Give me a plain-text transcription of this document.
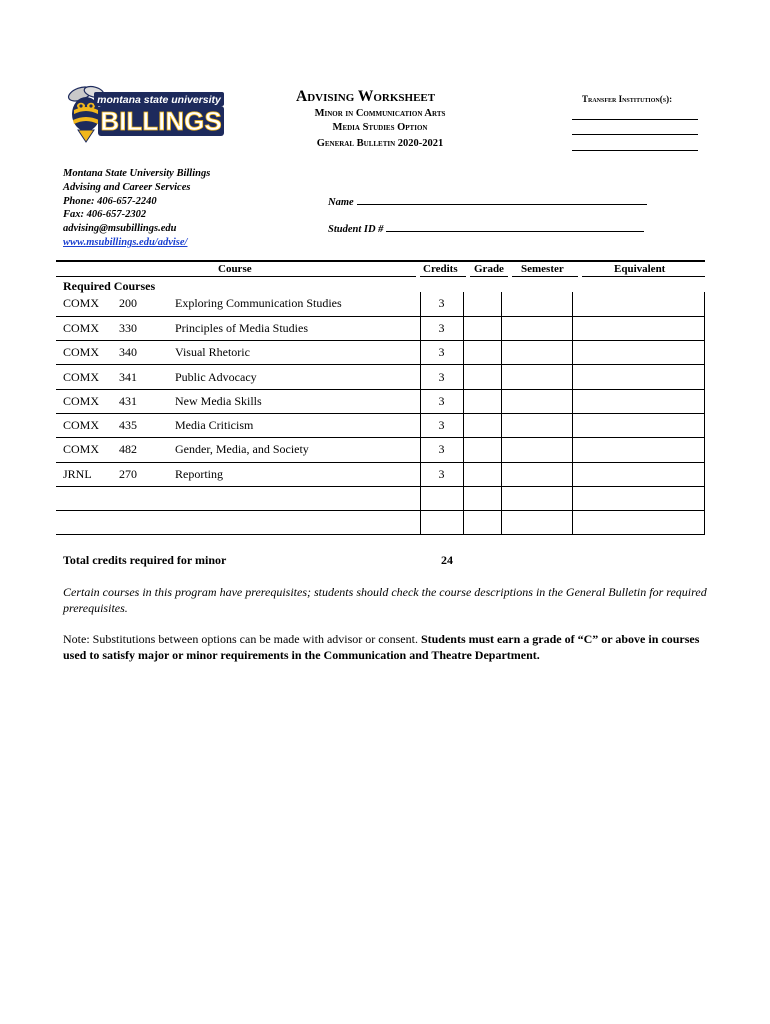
montana state university
BILLINGS
Advising Worksheet
Minor in Communication Arts
Media Studies Option
General Bulletin 2020-2021
Transfer Institution(s):
Montana State University Billings
Advising and Career Services
Phone: 406-657-2240
Fax: 406-657-2302
advising@msubillings.edu
www.msubillings.edu/advise/
Name
Student ID #
Course	Credits Grade Semester	Equivalent
Required Courses
COMX	200	Exploring Communication Studies	3			
COMX	330	Principles of Media Studies	3			
COMX	340	Visual Rhetoric	3			
COMX	341	Public Advocacy	3			
COMX	431	New Media Skills	3			
COMX	435	Media Criticism	3			
COMX	482	Gender, Media, and Society	3			
JRNL	270	Reporting	3			

Total credits required for minor	24
Certain courses in this program have prerequisites; students should check the course descriptions in the General Bulletin for required prerequisites.
Note: Substitutions between options can be made with advisor or consent. Students must earn a grade of “C” or above in courses used to satisfy major or minor requirements in the Communication and Theatre Department.
